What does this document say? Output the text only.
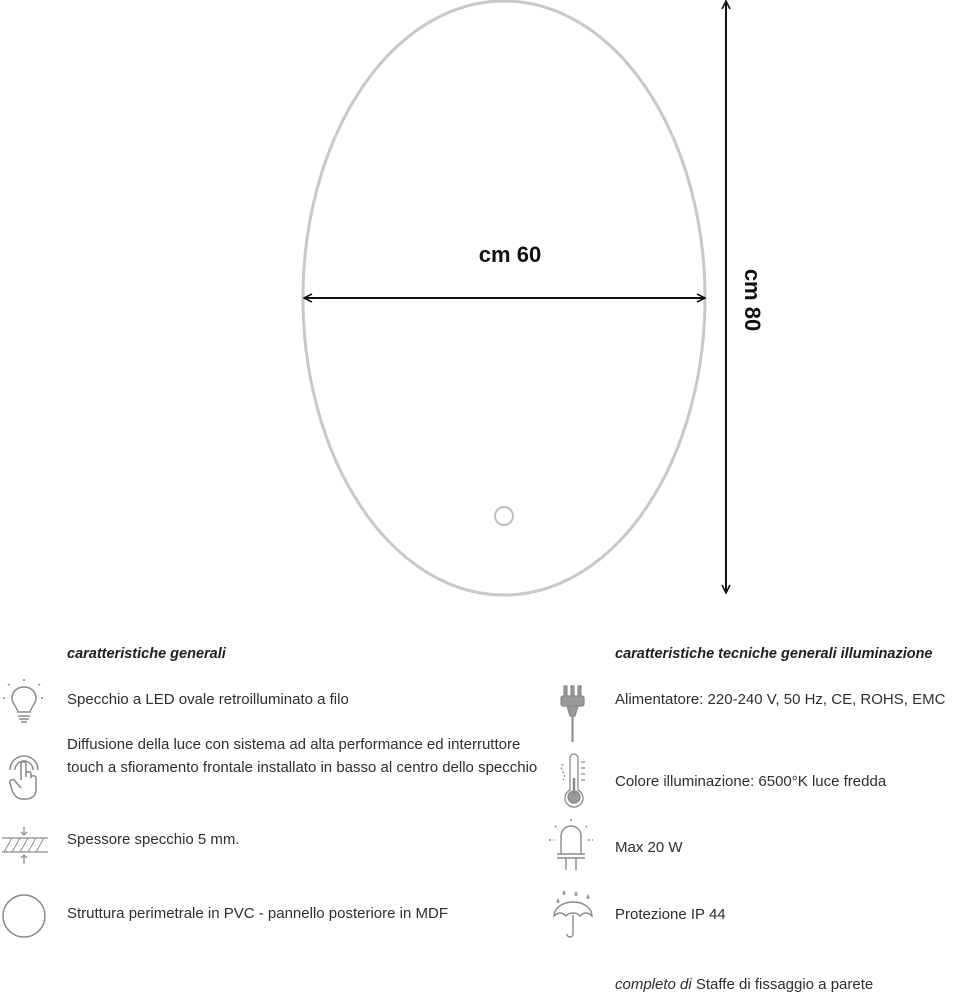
cm 60
cm 80
caratteristiche generali
Specchio a LED ovale retroilluminato a filo
Diffusione della luce con sistema ad alta performance ed interruttore touch a sfioramento frontale installato in basso al centro dello specchio
Spessore specchio 5 mm.
Struttura perimetrale in PVC - pannello posteriore in MDF
caratteristiche tecniche generali illuminazione
Alimentatore: 220-240 V, 50 Hz, CE, ROHS, EMC
Colore illuminazione: 6500°K luce fredda
Max 20 W
Protezione IP 44
completo di Staffe di fissaggio a parete
